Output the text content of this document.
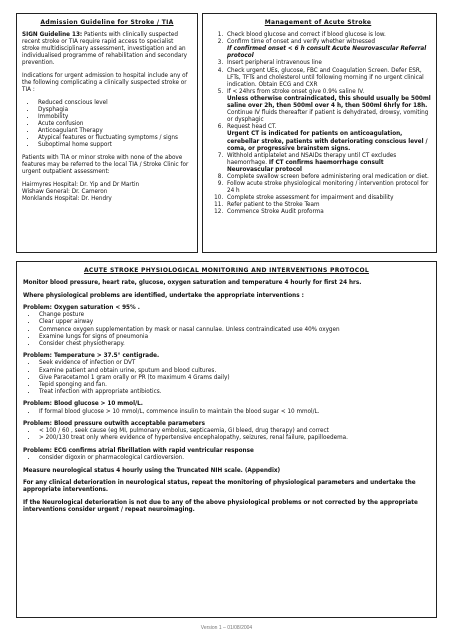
Admission Guideline for Stroke / TIA

SIGN Guideline 13: Patients with clinically suspected recent stroke or TIA require rapid access to specialist stroke multidisciplinary assessment, investigation and an individualised programme of rehabilitation and secondary prevention.

Indications for urgent admission to hospital include any of the following complicating a clinically suspected stroke or TIA :

• Reduced conscious level
• Dysphagia
• Immobility
• Acute confusion
• Anticoagulant Therapy
• Atypical features or fluctuating symptoms / signs
• Suboptimal home support

Patients with TIA or minor stroke with none of the above features may be referred to the local TIA / Stroke Clinic for urgent outpatient assessment:

Hairmyres Hospital: Dr. Yip and Dr Martin

Wishaw General: Dr. Cameron

Monklands Hospital: Dr. Hendry

Management of Acute Stroke
1. Check blood glucose and correct if blood glucose is low.
2. Confirm time of onset and verify whether witnessed
If confirmed onset < 6 h consult Acute Neurovascular Referral protocol
3. Insert peripheral intravenous line
4. Check urgent UEs, glucose, FBC and Coagulation Screen. Defer ESR, LFTs, TFTs and cholesterol until following morning if no urgent clinical indication. Obtain ECG and CXR
5. If < 24hrs from stroke onset give 0.9% saline IV.
Unless otherwise contraindicated, this should usually be 500ml saline over 2h, then 500ml over 4 h, then 500ml 6hrly for 18h. Continue IV fluids thereafter if patient is dehydrated, drowsy, vomiting or dysphagic
6. Request head CT.
Urgent CT is indicated for patients on anticoagulation, cerebellar stroke, patients with deteriorating conscious level / coma, or progressive brainstem signs.
7. Withhold antiplatelet and NSAIDs therapy until CT excludes haemorrhage. If CT confirms haemorrhage consult Neurovascular protocol
8. Complete swallow screen before administering oral medication or diet.
9. Follow acute stroke physiological monitoring / intervention protocol for 24 h
10. Complete stroke assessment for impairment and disability
11. Refer patient to the Stroke Team
12. Commence Stroke Audit proforma
ACUTE STROKE PHYSIOLOGICAL MONITORING AND INTERVENTIONS PROTOCOL

Monitor blood pressure, heart rate, glucose, oxygen saturation and temperature 4 hourly for first 24 hrs.

Where physiological problems are identified, undertake the appropriate interventions :

Problem: Oxygen saturation < 95% .

• Change posture
• Clear upper airway
• Commence oxygen supplementation by mask or nasal cannulae. Unless contraindicated use 40% oxygen
• Examine lungs for signs of pneumonia
• Consider chest physiotherapy.

Problem: Temperature > 37.5° centigrade.

• Seek evidence of infection or DVT
• Examine patient and obtain urine, sputum and blood cultures.
• Give Paracetamol 1 gram orally or PR (to maximum 4 Grams daily)
• Tepid sponging and fan.
• Treat infection with appropriate antibiotics.

Problem: Blood glucose > 10 mmol/L.

• If formal blood glucose > 10 mmol/L, commence insulin to maintain the blood sugar < 10 mmol/L.

Problem: Blood pressure outwith acceptable parameters

• < 100 / 60 , seek cause (eg MI, pulmonary embolus, septicaemia, GI bleed, drug therapy) and correct
• > 200/130 treat only where evidence of hypertensive encephalopathy, seizures, renal failure, papilloedema.

Problem: ECG confirms atrial fibrillation with rapid ventricular response

• consider digoxin or pharmacological cardioversion.

Measure neurological status 4 hourly using the Truncated NIH scale. (Appendix)

For any clinical deterioration in neurological status, repeat the monitoring of physiological parameters and undertake the appropriate interventions.

If the Neurological deterioration is not due to any of the above physiological problems or not corrected by the appropriate interventions consider urgent / repeat neuroimaging.

Version 1 – 01/08/2004
